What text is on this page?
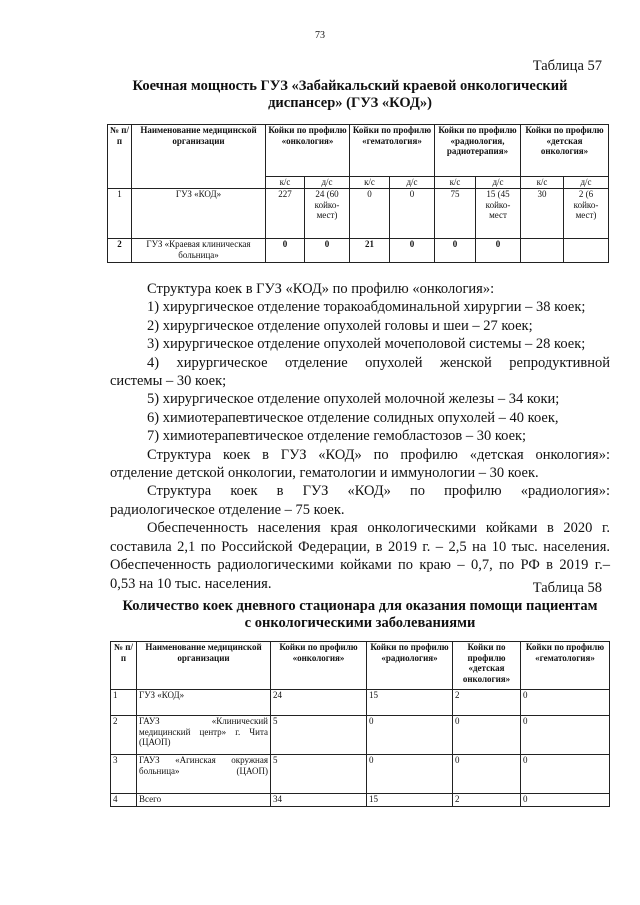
73
Таблица 57
Коечная мощность ГУЗ «Забайкальский краевой онкологический
диспансер» (ГУЗ «КОД»)
№ п/п	Наименование медицинской организации	Койки по профилю «онкология»		Койки по профилю «гематология»		Койки по профилю «радиология, радиотерапия»		Койки по профилю «детская онкология»	
		к/с	д/с	к/с	д/с	к/с	д/с	к/с	д/с
1	ГУЗ «КОД»	227	24 (60 койко-мест)	0	0	75	15 (45 койко-мест	30	2 (6 койко-мест)
2	ГУЗ «Краевая клиническая больница»	0	0	21	0	0	0		

Структура коек в ГУЗ «КОД» по профилю «онкология»:

1) хирургическое отделение торакоабдоминальной хирургии – 38 коек;

2) хирургическое отделение опухолей головы и шеи – 27 коек;

3) хирургическое отделение опухолей мочеполовой системы – 28 коек;

4) хирургическое отделение опухолей женской репродуктивной

системы – 30 коек;

5) хирургическое отделение опухолей молочной железы – 34 коки;

6) химиотерапевтическое отделение солидных опухолей – 40 коек,

7) химиотерапевтическое отделение гемобластозов – 30 коек;

Структура коек в ГУЗ «КОД» по профилю «детская онкология»:

отделение детской онкологии, гематологии и иммунологии – 30 коек.

Структура коек в ГУЗ «КОД» по профилю «радиология»:

радиологическое отделение – 75 коек.

Обеспеченность населения края онкологическими койками в 2020 г.

составила 2,1 по Российской Федерации, в 2019 г. – 2,5 на 10 тыс. населения.

Обеспеченность радиологическими койками по краю – 0,7, по РФ в 2019 г.–

0,53 на 10 тыс. населения.	Таблица 58
Количество коек дневного стационара для оказания помощи пациентам
с онкологическими заболеваниями
№ п/п	Наименование медицинской организации	Койки по профилю «онкология»	Койки по профилю «радиология»	Койки по профилю «детская онкология»	Койки по профилю «гематология»
1	ГУЗ «КОД»	24	15	2	0
2	ГАУЗ «Клинический медицинский центр» г. Чита (ЦАОП)	5	0	0	0
3	ГАУЗ «Агинская окружная больница» (ЦАОП)	5	0	0	0
4	Всего	34	15	2	0
